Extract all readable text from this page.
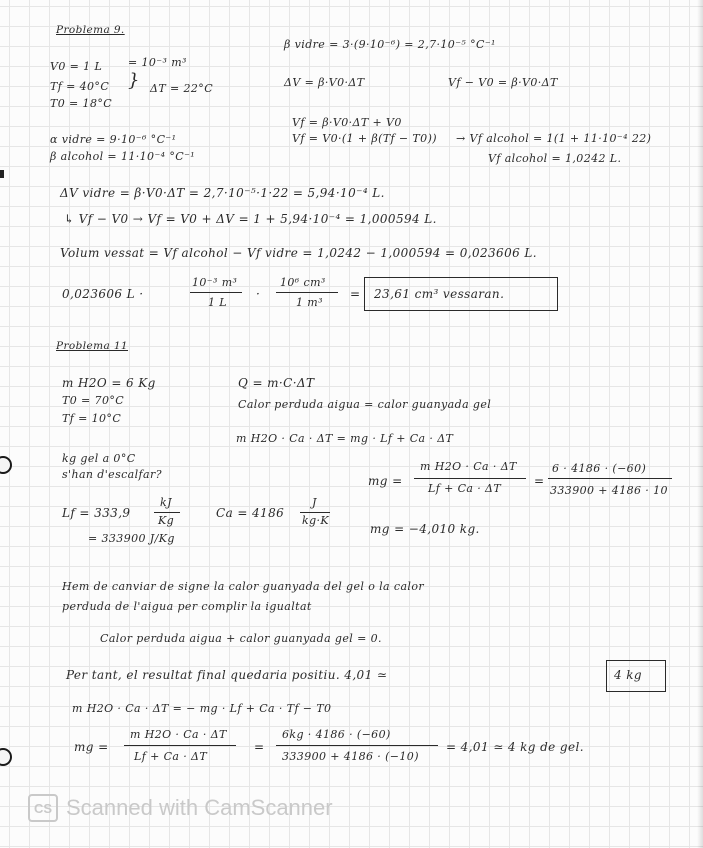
Problema 9.
V0 = 1 L = 10⁻³ m³
Tf = 40°C } ΔT = 22°C
T0 = 18°C
β vidre = 3·(9·10⁻⁶) = 2,7·10⁻⁵ °C⁻¹
ΔV = β·V0·ΔT	Vf − V0 = β·V0·ΔT
Vf = β·V0·ΔT + V0
Vf = V0·(1 + β(Tf − T0)) → Vf alcohol = 1(1 + 11·10⁻⁴ 22)
Vf alcohol = 1,0242 L.
α vidre = 9·10⁻⁶ °C⁻¹
β alcohol = 11·10⁻⁴ °C⁻¹
ΔV vidre = β·V0·ΔT = 2,7·10⁻⁵·1·22 = 5,94·10⁻⁴ L.
↳ Vf − V0 → Vf = V0 + ΔV = 1 + 5,94·10⁻⁴ = 1,000594 L.
Volum vessat = Vf alcohol − Vf vidre = 1,0242 − 1,000594 = 0,023606 L.
0,023606 L ·
10⁻³ m³
1 L
·
10⁶ cm³
1 m³
= 23,61 cm³ vessaran.
Problema 11
m H2O = 6 Kg
T0 = 70°C
Tf = 10°C
Q = m·C·ΔT
Calor perduda aigua = calor guanyada gel
m H2O · Ca · ΔT = mg · Lf + Ca · ΔT
kg gel a 0°C
s'han d'escalfar?	mg =
m H2O · Ca · ΔT
Lf + Ca · ΔT
=
6 · 4186 · (−60)
333900 + 4186 · 10
Lf = 333,9
kJ
Kg
= 333900 J/Kg
Ca = 4186
J
kg·K
mg = −4,010 kg.
Hem de canviar de signe la calor guanyada del gel o la calor
perduda de l'aigua per complir la igualtat
Calor perduda aigua + calor guanyada gel = 0.
Per tant, el resultat final quedaria positiu. 4,01 ≃	4 kg
m H2O · Ca · ΔT = − mg · Lf + Ca · Tf − T0
mg =
m H2O · Ca · ΔT
Lf + Ca · ΔT
=
6kg · 4186 · (−60)
333900 + 4186 · (−10)
= 4,01 ≃ 4 kg de gel.
CS Scanned with CamScanner
